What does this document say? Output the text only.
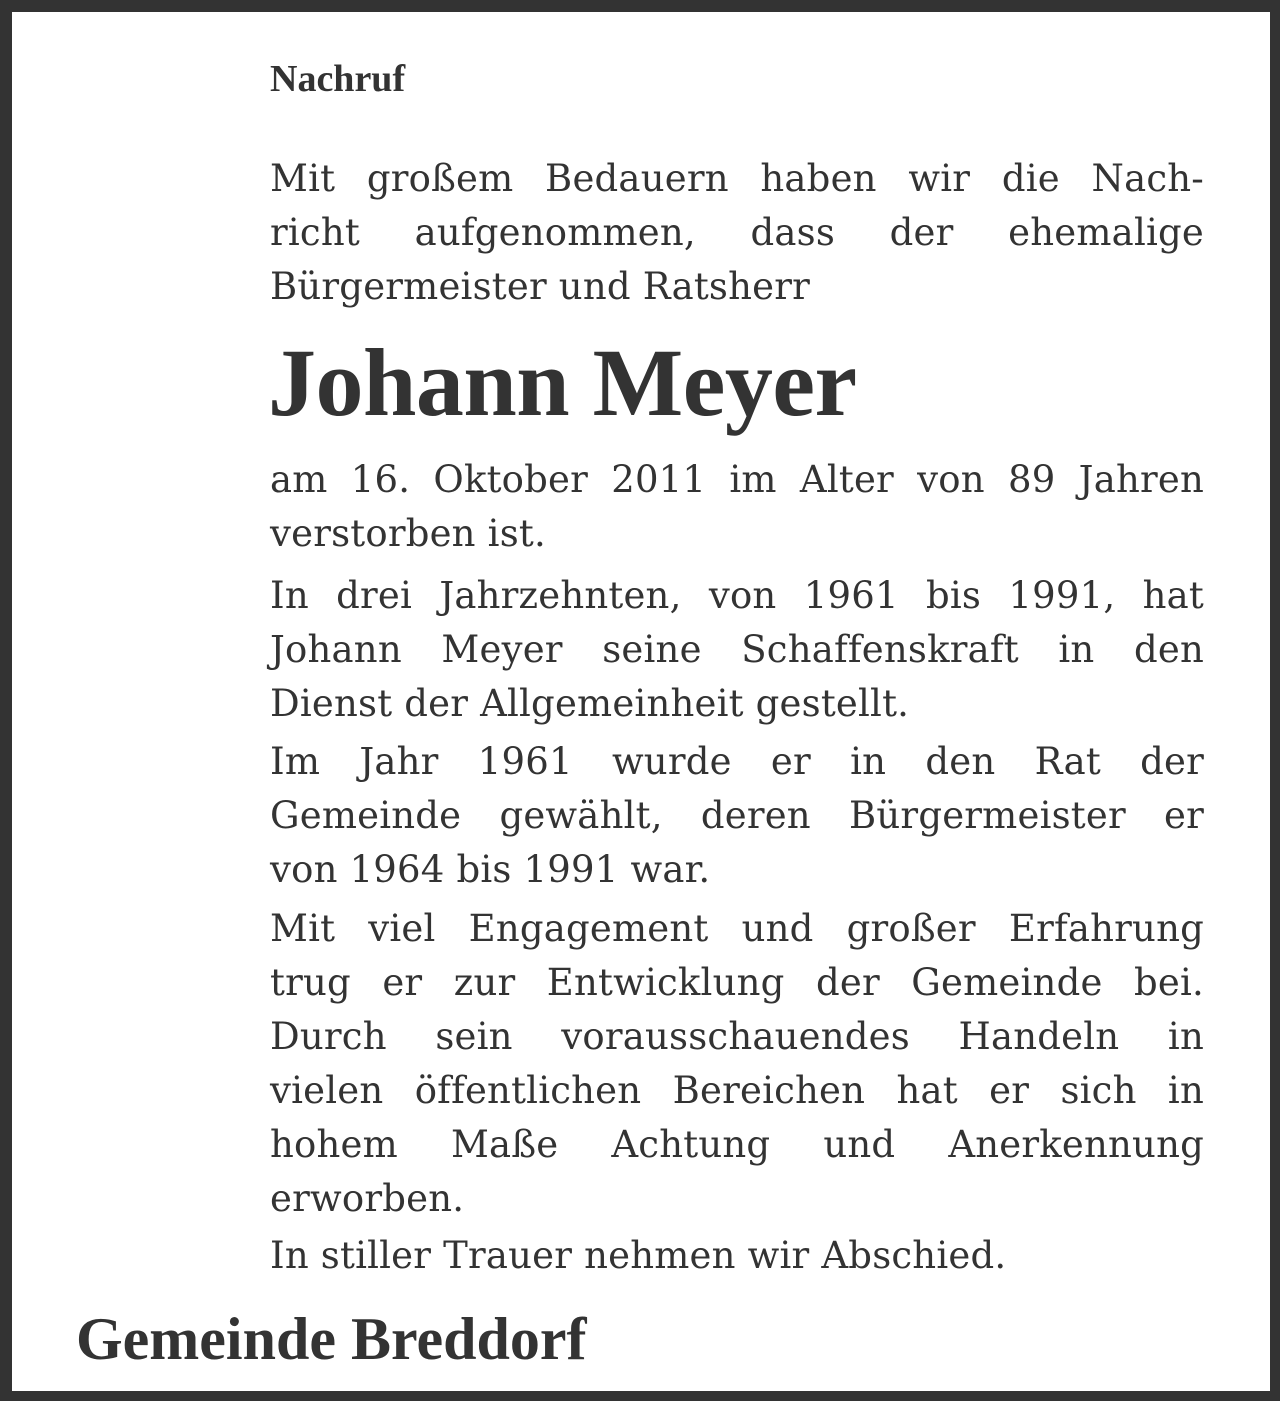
Nachruf

Mit großem Bedauern haben wir die Nach-
richt aufgenommen, dass der ehemalige
Bürgermeister und Ratsherr

Johann Meyer

am 16. Oktober 2011 im Alter von 89 Jahren
verstorben ist.

In drei Jahrzehnten, von 1961 bis 1991, hat
Johann Meyer seine Schaffenskraft in den
Dienst der Allgemeinheit gestellt.

Im Jahr 1961 wurde er in den Rat der
Gemeinde gewählt, deren Bürgermeister er
von 1964 bis 1991 war.

Mit viel Engagement und großer Erfahrung
trug er zur Entwicklung der Gemeinde bei.
Durch sein vorausschauendes Handeln in
vielen öffentlichen Bereichen hat er sich in
hohem Maße Achtung und Anerkennung
erworben.

In stiller Trauer nehmen wir Abschied.

Gemeinde Breddorf
